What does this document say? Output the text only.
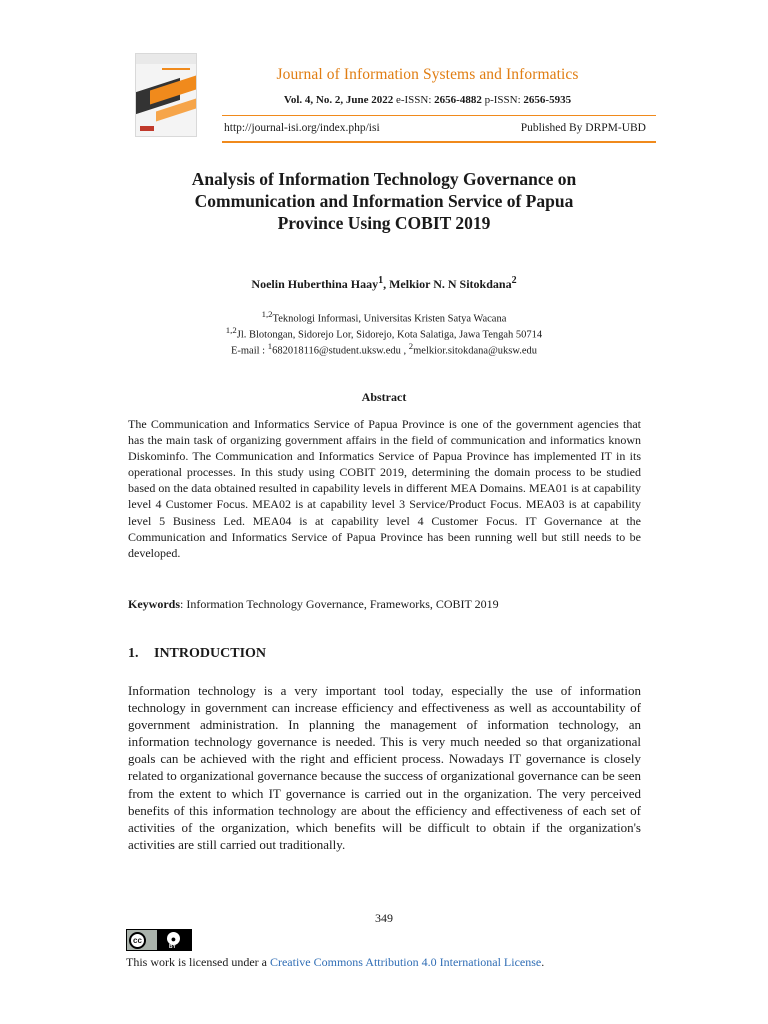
Journal of Information Systems and Informatics
Vol. 4, No. 2, June 2022 e-ISSN: 2656-4882 p-ISSN: 2656-5935
http://journal-isi.org/index.php/isi	Published By DRPM-UBD
Analysis of Information Technology Governance on
Communication and Information Service of Papua
Province Using COBIT 2019
Noelin Huberthina Haay$^1$, Melkior N. N Sitokdana$^2$
$^{1,2}$Teknologi Informasi, Universitas Kristen Satya Wacana
$^{1,2}$Jl. Blotongan, Sidorejo Lor, Sidorejo, Kota Salatiga, Jawa Tengah 50714
E-mail : $^1$682018116@student.uksw.edu , $^2$melkior.sitokdana@uksw.edu
Abstract
The Communication and Informatics Service of Papua Province is one of the government agencies that has the main task of organizing government affairs in the field of communication and informatics known Diskominfo. The Communication and Informatics Service of Papua Province has implemented IT in its operational processes. In this study using COBIT 2019, determining the domain process to be studied based on the data obtained resulted in capability levels in different MEA Domains. MEA01 is at capability level 4 Customer Focus. MEA02 is at capability level 3 Service/Product Focus. MEA03 is at capability level 5 Business Led. MEA04 is at capability level 4 Customer Focus. IT Governance at the Communication and Informatics Service of Papua Province has been running well but still needs to be developed.
Keywords: Information Technology Governance, Frameworks, COBIT 2019
1. INTRODUCTION
Information technology is a very important tool today, especially the use of information technology in government can increase efficiency and effectiveness as well as accountability of government administration. In planning the management of information technology, an information technology governance is needed. This is very much needed so that organizational goals can be achieved with the right and efficient process. Nowadays IT governance is closely related to organizational governance because the success of organizational governance can be seen from the extent to which IT governance is carried out in the organization. The very perceived benefits of this information technology are about the efficiency and effectiveness of each set of activities of the organization, which benefits will be difficult to obtain if the organization's activities are still carried out traditionally.
349
cc	●
BY
This work is licensed under a Creative Commons Attribution 4.0 International License.
